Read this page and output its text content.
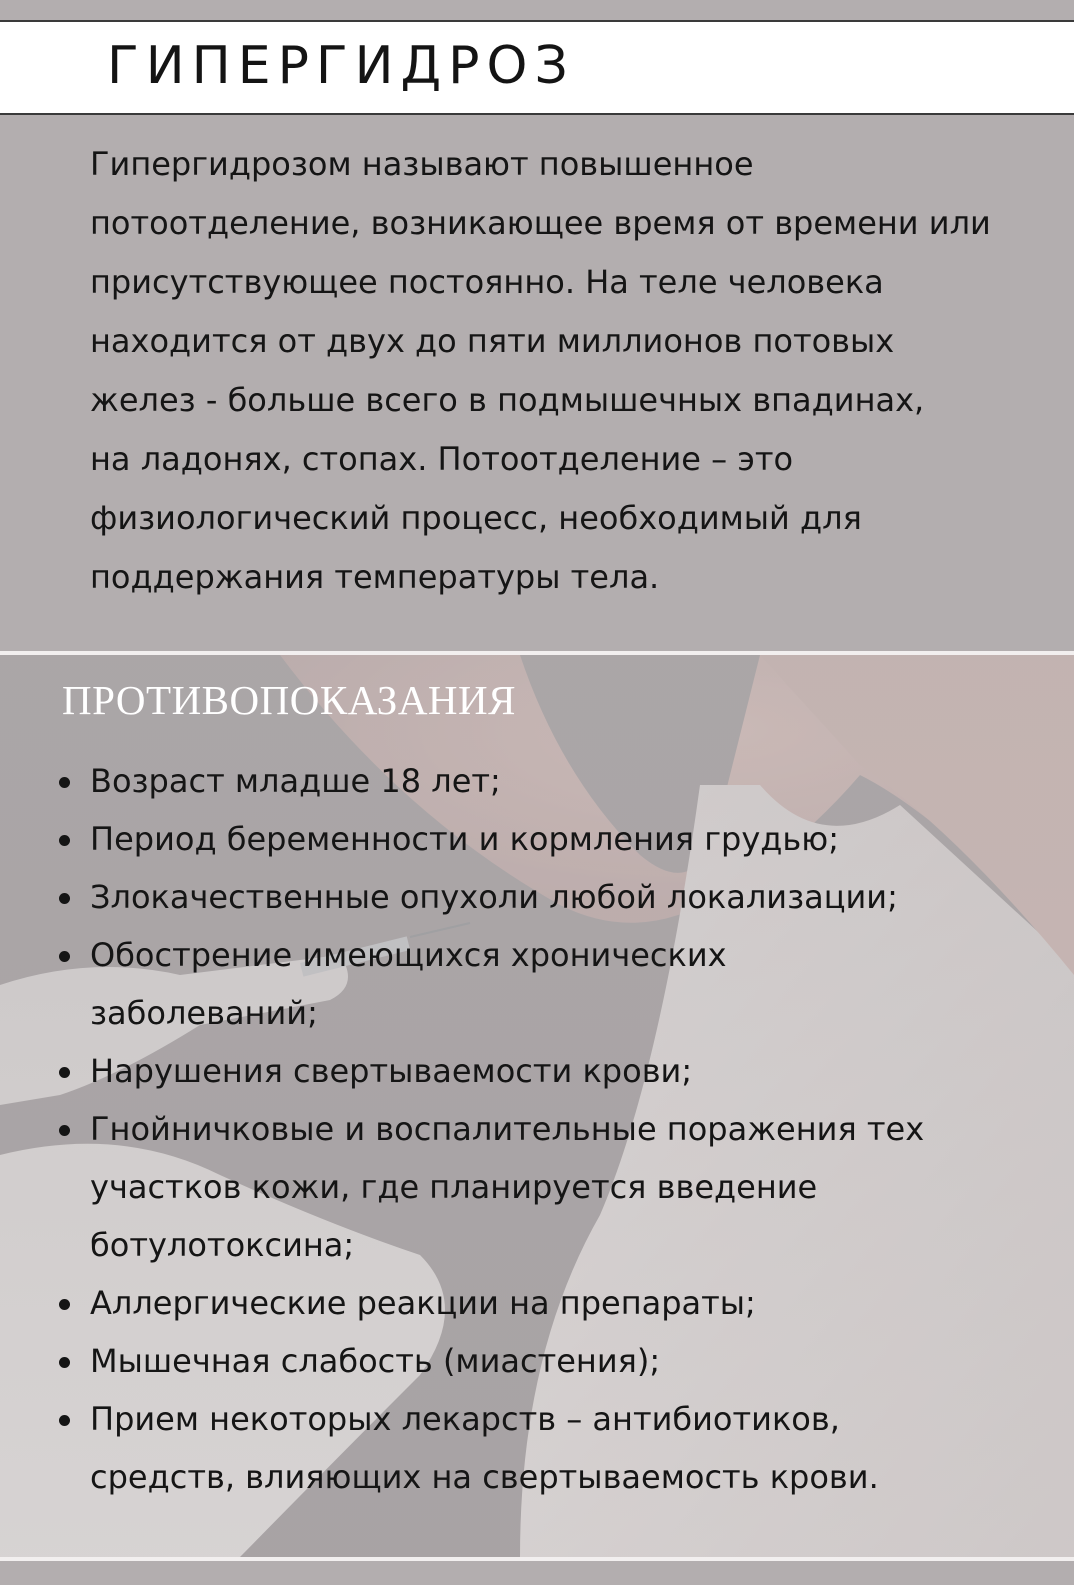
ГИПЕРГИДРОЗ

Гипергидрозом называют повышенное
потоотделение, возникающее время от времени или
присутствующее постоянно. На теле человека
находится от двух до пяти миллионов потовых
желез - больше всего в подмышечных впадинах,
на ладонях, стопах. Потоотделение – это
физиологический процесс, необходимый для
поддержания температуры тела.

ПРОТИВОПОКАЗАНИЯ
Возраст младше 18 лет;
Период беременности и кормления грудью;
Злокачественные опухоли любой локализации;
Обострение имеющихся хронических
заболеваний;
Нарушения свертываемости крови;
Гнойничковые и воспалительные поражения тех
участков кожи, где планируется введение
ботулотоксина;
Аллергические реакции на препараты;
Мышечная слабость (миастения);
Прием некоторых лекарств – антибиотиков,
средств, влияющих на свертываемость крови.
